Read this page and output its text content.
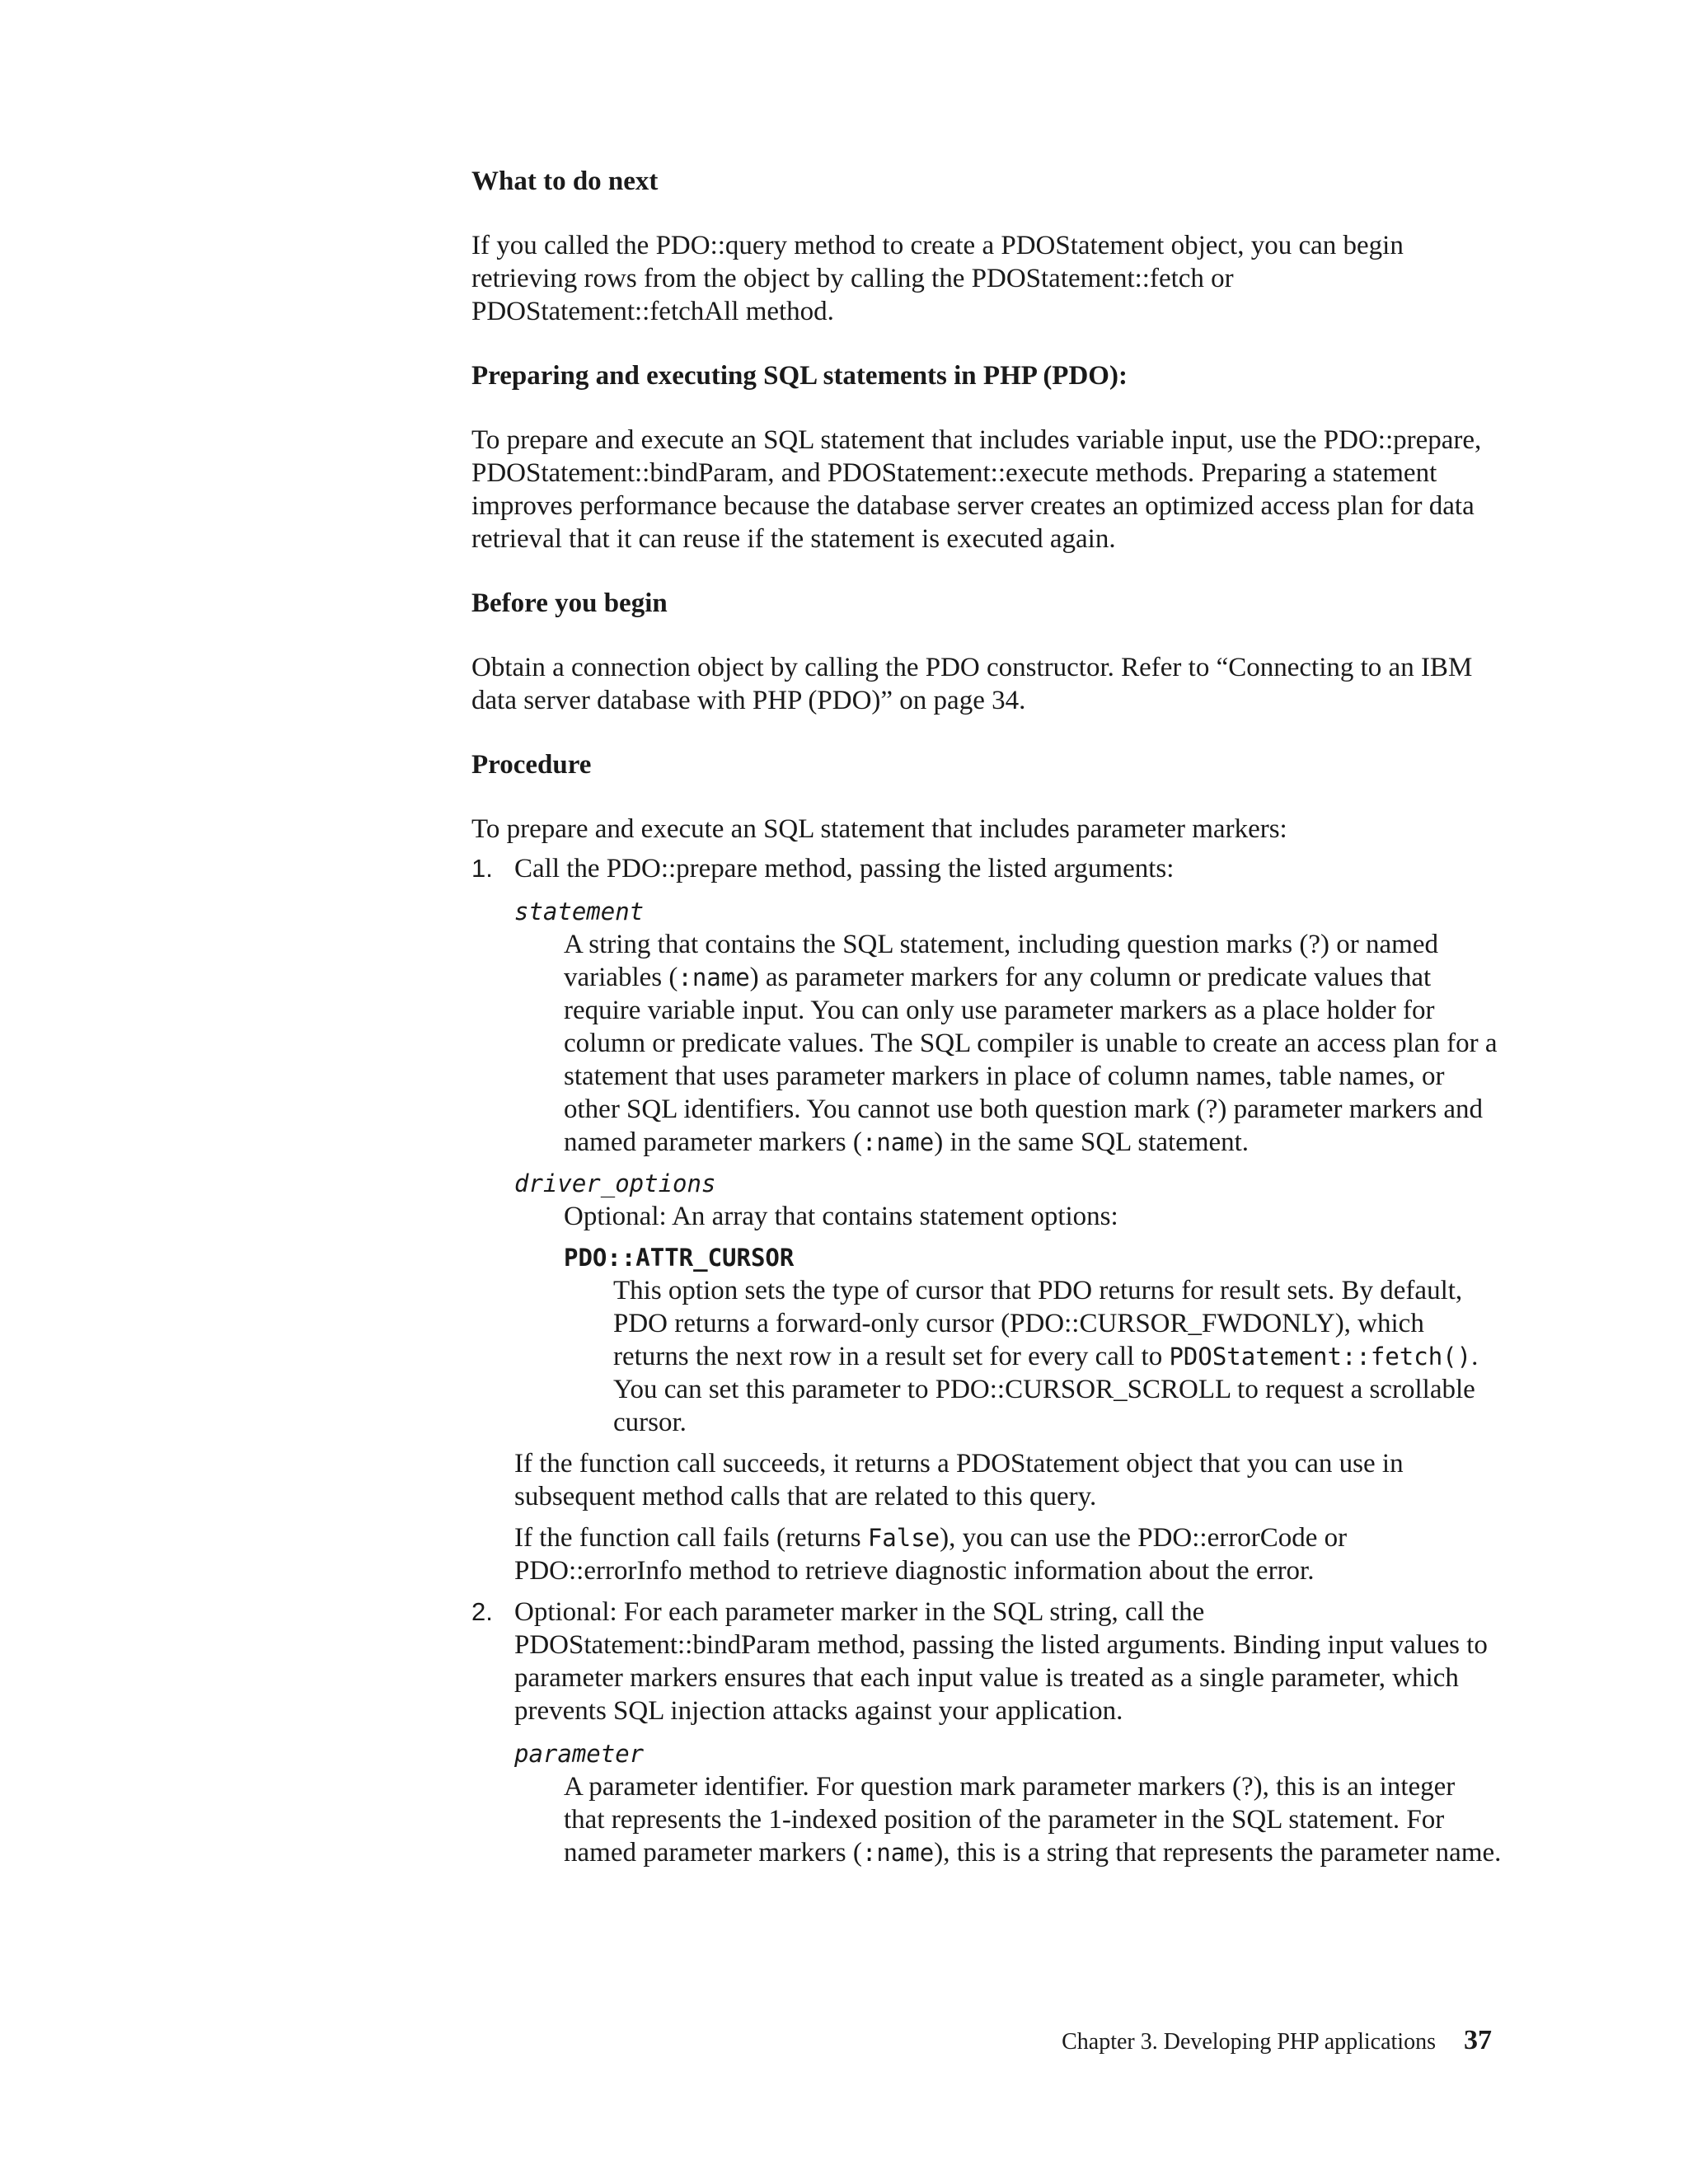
What to do next

If you called the PDO::query method to create a PDOStatement object, you can begin retrieving rows from the object by calling the PDOStatement::fetch or PDOStatement::fetchAll method.

Preparing and executing SQL statements in PHP (PDO):

To prepare and execute an SQL statement that includes variable input, use the PDO::prepare, PDOStatement::bindParam, and PDOStatement::execute methods. Preparing a statement improves performance because the database server creates an optimized access plan for data retrieval that it can reuse if the statement is executed again.

Before you begin

Obtain a connection object by calling the PDO constructor. Refer to “Connecting to an IBM data server database with PHP (PDO)” on page 34.

Procedure

To prepare and execute an SQL statement that includes parameter markers:

1. Call the PDO::prepare method, passing the listed arguments:
statement
A string that contains the SQL statement, including question marks (?) or named variables (:name) as parameter markers for any column or predicate values that require variable input. You can only use parameter markers as a place holder for column or predicate values. The SQL compiler is unable to create an access plan for a statement that uses parameter markers in place of column names, table names, or other SQL identifiers. You cannot use both question mark (?) parameter markers and named parameter markers (:name) in the same SQL statement.
driver_options
Optional: An array that contains statement options:
PDO::ATTR_CURSOR
This option sets the type of cursor that PDO returns for result sets. By default, PDO returns a forward-only cursor (PDO::CURSOR_FWDONLY), which returns the next row in a result set for every call to PDOStatement::fetch(). You can set this parameter to PDO::CURSOR_SCROLL to request a scrollable cursor.
If the function call succeeds, it returns a PDOStatement object that you can use in subsequent method calls that are related to this query.
If the function call fails (returns False), you can use the PDO::errorCode or PDO::errorInfo method to retrieve diagnostic information about the error.
2. Optional: For each parameter marker in the SQL string, call the PDOStatement::bindParam method, passing the listed arguments. Binding input values to parameter markers ensures that each input value is treated as a single parameter, which prevents SQL injection attacks against your application.
parameter
A parameter identifier. For question mark parameter markers (?), this is an integer that represents the 1-indexed position of the parameter in the SQL statement. For named parameter markers (:name), this is a string that represents the parameter name.
Chapter 3. Developing PHP applications 37
